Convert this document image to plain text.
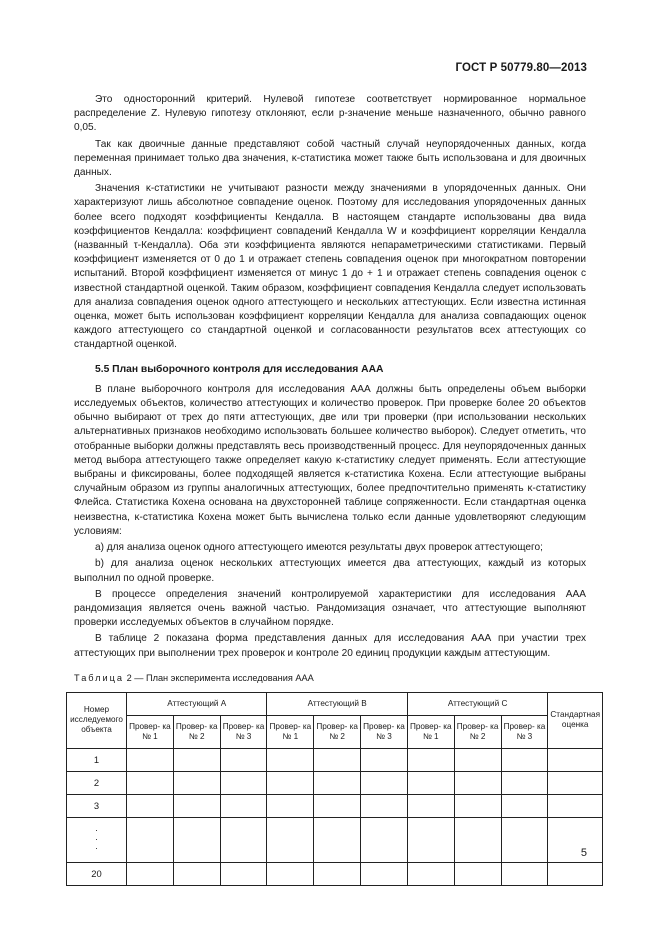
ГОСТ Р 50779.80—2013

Это односторонний критерий. Нулевой гипотезе соответствует нормированное нормальное распределение Z. Нулевую гипотезу отклоняют, если p-значение меньше назначенного, обычно равного 0,05.

Так как двоичные данные представляют собой частный случай неупорядоченных данных, когда переменная принимает только два значения, κ-статистика может также быть использована и для двоичных данных.

Значения κ-статистики не учитывают разности между значениями в упорядоченных данных. Они характеризуют лишь абсолютное совпадение оценок. Поэтому для исследования упорядоченных данных более всего подходят коэффициенты Кендалла. В настоящем стандарте использованы два вида коэффициентов Кендалла: коэффициент совпадений Кендалла W и коэффициент корреляции Кендалла (названный τ-Кендалла). Оба эти коэффициента являются непараметрическими статистиками. Первый коэффициент изменяется от 0 до 1 и отражает степень совпадения оценок при многократном повторении испытаний. Второй коэффициент изменяется от минус 1 до + 1 и отражает степень совпадения оценок с известной стандартной оценкой. Таким образом, коэффициент совпадения Кендалла следует использовать для анализа совпадения оценок одного аттестующего и нескольких аттестующих. Если известна истинная оценка, может быть использован коэффициент корреляции Кендалла для анализа совпадающих оценок каждого аттестующего со стандартной оценкой и согласованности результатов всех аттестующих со стандартной оценкой.

5.5 План выборочного контроля для исследования ААА

В плане выборочного контроля для исследования ААА должны быть определены объем выборки исследуемых объектов, количество аттестующих и количество проверок. При проверке более 20 объектов обычно выбирают от трех до пяти аттестующих, две или три проверки (при использовании нескольких альтернативных признаков необходимо использовать большее количество выборок). Следует отметить, что отобранные выборки должны представлять весь производственный процесс. Для неупорядоченных данных метод выбора аттестующего также определяет какую κ-статистику следует применять. Если аттестующие выбраны и фиксированы, более подходящей является κ-статистика Кохена. Если аттестующие выбраны случайным образом из группы аналогичных аттестующих, более предпочтительно применять κ-статистику Флейса. Статистика Кохена основана на двухсторонней таблице сопряженности. Если стандартная оценка неизвестна, κ-статистика Кохена может быть вычислена только если данные удовлетворяют следующим условиям:

а) для анализа оценок одного аттестующего имеются результаты двух проверок аттестующего;

b) для анализа оценок нескольких аттестующих имеется два аттестующих, каждый из которых выполнил по одной проверке.

В процессе определения значений контролируемой характеристики для исследования ААА рандомизация является очень важной частью. Рандомизация означает, что аттестующие выполняют проверки исследуемых объектов в случайном порядке.

В таблице 2 показана форма представления данных для исследования ААА при участии трех аттестующих при выполнении трех проверок и контроле 20 единиц продукции каждым аттестующим.

Таблица 2 — План эксперимента исследования ААА
Номер исследуемого объекта	Аттестующий A			Аттестующий B			Аттестующий C			Стандартная оценка
	Провер- ка № 1	Провер- ка № 2	Провер- ка № 3	Провер- ка № 1	Провер- ка № 2	Провер- ка № 3	Провер- ка № 1	Провер- ка № 2	Провер- ка № 3	
1										
2										
3										
·
·
·										
20										
5
